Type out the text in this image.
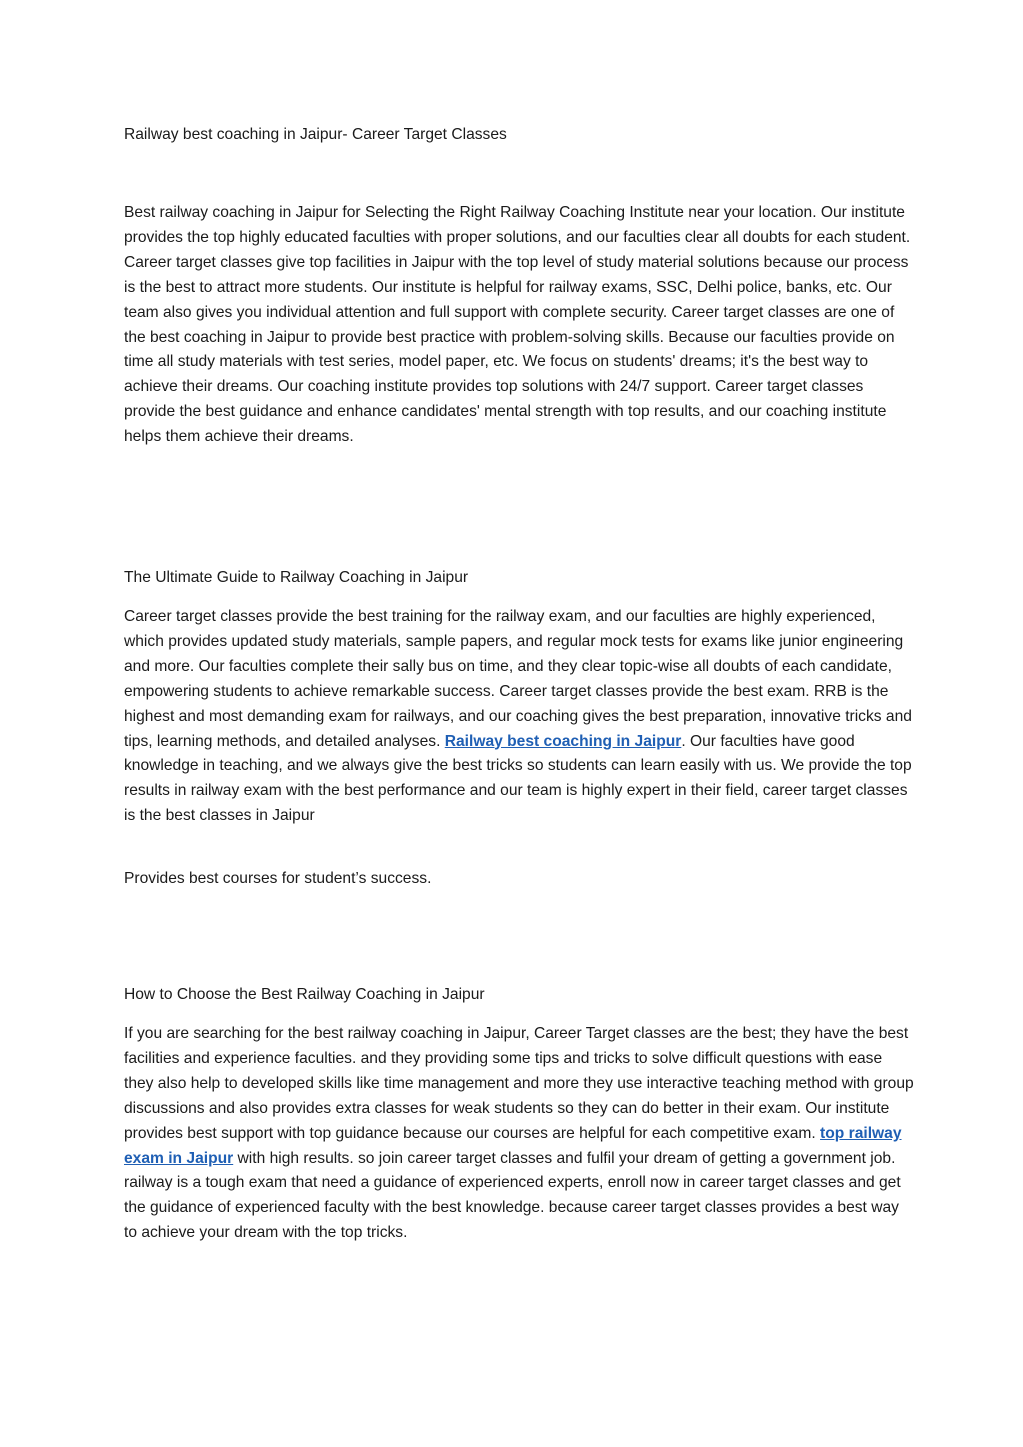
Railway best coaching in Jaipur- Career Target Classes

Best railway coaching in Jaipur for Selecting the Right Railway Coaching Institute near your location. Our institute provides the top highly educated faculties with proper solutions, and our faculties clear all doubts for each student. Career target classes give top facilities in Jaipur with the top level of study material solutions because our process is the best to attract more students. Our institute is helpful for railway exams, SSC, Delhi police, banks, etc. Our team also gives you individual attention and full support with complete security. Career target classes are one of the best coaching in Jaipur to provide best practice with problem-solving skills. Because our faculties provide on time all study materials with test series, model paper, etc. We focus on students' dreams; it's the best way to achieve their dreams. Our coaching institute provides top solutions with 24/7 support. Career target classes provide the best guidance and enhance candidates' mental strength with top results, and our coaching institute helps them achieve their dreams.

The Ultimate Guide to Railway Coaching in Jaipur

Career target classes provide the best training for the railway exam, and our faculties are highly experienced, which provides updated study materials, sample papers, and regular mock tests for exams like junior engineering and more. Our faculties complete their sally bus on time, and they clear topic-wise all doubts of each candidate, empowering students to achieve remarkable success. Career target classes provide the best exam. RRB is the highest and most demanding exam for railways, and our coaching gives the best preparation, innovative tricks and tips, learning methods, and detailed analyses. Railway best coaching in Jaipur. Our faculties have good knowledge in teaching, and we always give the best tricks so students can learn easily with us. We provide the top results in railway exam with the best performance and our team is highly expert in their field, career target classes is the best classes in Jaipur

Provides best courses for student’s success.

How to Choose the Best Railway Coaching in Jaipur

If you are searching for the best railway coaching in Jaipur, Career Target classes are the best; they have the best facilities and experience faculties. and they providing some tips and tricks to solve difficult questions with ease they also help to developed skills like time management and more they use interactive teaching method with group discussions and also provides extra classes for weak students so they can do better in their exam. Our institute provides best support with top guidance because our courses are helpful for each competitive exam. top railway exam in Jaipur with high results. so join career target classes and fulfil your dream of getting a government job. railway is a tough exam that need a guidance of experienced experts, enroll now in career target classes and get the guidance of experienced faculty with the best knowledge. because career target classes provides a best way to achieve your dream with the top tricks.
